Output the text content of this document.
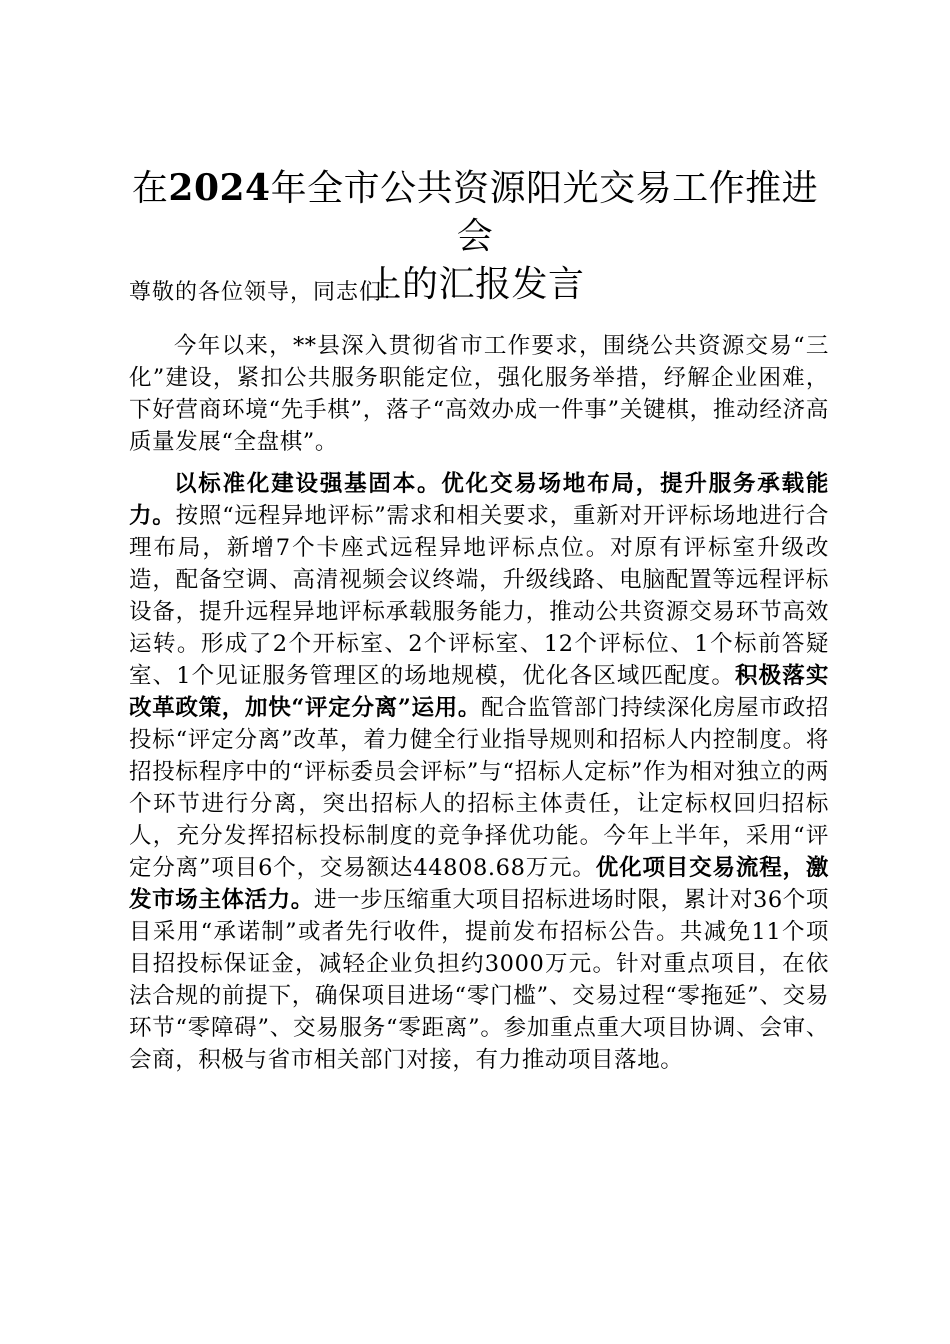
在2024年全市公共资源阳光交易工作推进会
上的汇报发言
尊敬的各位领导，同志们：
今年以来，**县深入贯彻省市工作要求，围绕公共资源交易“三化”建设，紧扣公共服务职能定位，强化服务举措，纾解企业困难，下好营商环境“先手棋”，落子“高效办成一件事”关键棋，推动经济高质量发展“全盘棋”。
以标准化建设强基固本。优化交易场地布局，提升服务承载能力。按照“远程异地评标”需求和相关要求，重新对开评标场地进行合理布局，新增7个卡座式远程异地评标点位。对原有评标室升级改造，配备空调、高清视频会议终端，升级线路、电脑配置等远程评标设备，提升远程异地评标承载服务能力，推动公共资源交易环节高效运转。形成了2个开标室、2个评标室、12个评标位、1个标前答疑室、1个见证服务管理区的场地规模，优化各区域匹配度。积极落实改革政策，加快“评定分离”运用。配合监管部门持续深化房屋市政招投标“评定分离”改革，着力健全行业指导规则和招标人内控制度。将招投标程序中的“评标委员会评标”与“招标人定标”作为相对独立的两个环节进行分离，突出招标人的招标主体责任，让定标权回归招标人，充分发挥招标投标制度的竞争择优功能。今年上半年，采用“评定分离”项目6个，交易额达44808.68万元。优化项目交易流程，激发市场主体活力。进一步压缩重大项目招标进场时限，累计对36个项目采用“承诺制”或者先行收件，提前发布招标公告。共减免11个项目招投标保证金，减轻企业负担约3000万元。针对重点项目，在依法合规的前提下，确保项目进场“零门槛”、交易过程“零拖延”、交易环节“零障碍”、交易服务“零距离”。参加重点重大项目协调、会审、会商，积极与省市相关部门对接，有力推动项目落地。
